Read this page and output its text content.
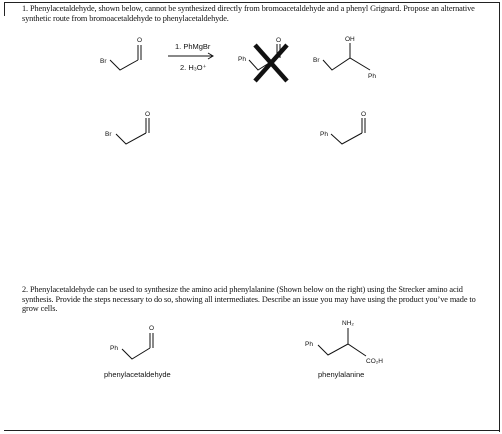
1. Phenylacetaldehyde, shown below, cannot be synthesized directly from bromoacetaldehyde and a phenyl Grignard. Propose an alternative synthetic route from bromoacetaldehyde to phenylacetaldehyde.
2. Phenylacetaldehyde can be used to synthesize the amino acid phenylalanine (Shown below on the right) using the Strecker amino acid synthesis. Provide the steps necessary to do so, showing all intermediates. Describe an issue you may have using the product you’ve made to grow cells.
Br
O
1. PhMgBr
2. H₃O⁺
Ph
O
Br
OH
Ph
Br
O
Ph
O
Ph
O
phenylacetaldehyde
Ph
NH₂
CO₂H
phenylalanine
